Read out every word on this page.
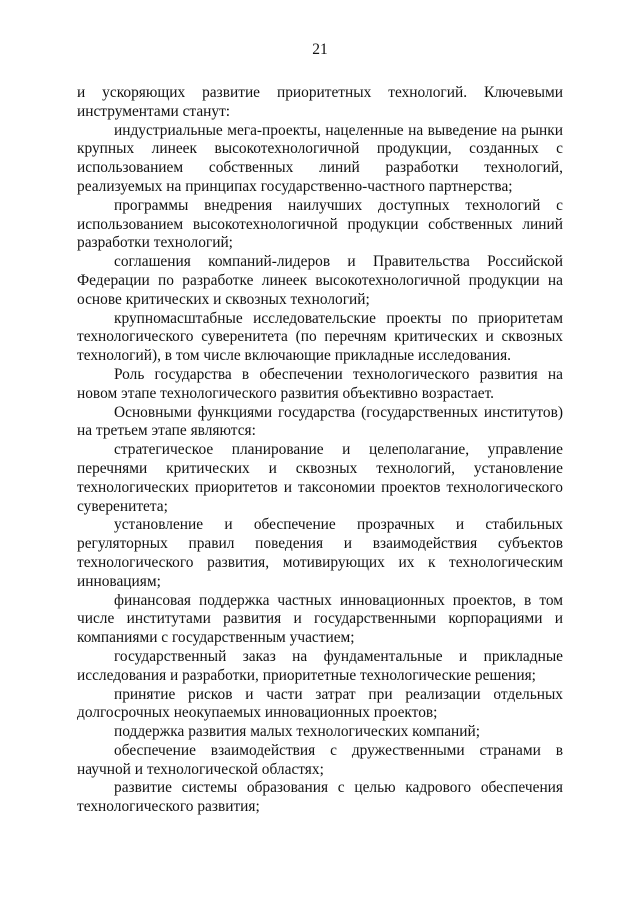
21

и ускоряющих развитие приоритетных технологий. Ключевыми инструментами станут:

индустриальные мега-проекты, нацеленные на выведение на рынки крупных линеек высокотехнологичной продукции, созданных с использованием собственных линий разработки технологий, реализуемых на принципах государственно-частного партнерства;

программы внедрения наилучших доступных технологий с использованием высокотехнологичной продукции собственных линий разработки технологий;

соглашения компаний-лидеров и Правительства Российской Федерации по разработке линеек высокотехнологичной продукции на основе критических и сквозных технологий;

крупномасштабные исследовательские проекты по приоритетам технологического суверенитета (по перечням критических и сквозных технологий), в том числе включающие прикладные исследования.

Роль государства в обеспечении технологического развития на новом этапе технологического развития объективно возрастает.

Основными функциями государства (государственных институтов) на третьем этапе являются:

стратегическое планирование и целеполагание, управление перечнями критических и сквозных технологий, установление технологических приоритетов и таксономии проектов технологического суверенитета;

установление и обеспечение прозрачных и стабильных регуляторных правил поведения и взаимодействия субъектов технологического развития, мотивирующих их к технологическим инновациям;

финансовая поддержка частных инновационных проектов, в том числе институтами развития и государственными корпорациями и компаниями с государственным участием;

государственный заказ на фундаментальные и прикладные исследования и разработки, приоритетные технологические решения;

принятие рисков и части затрат при реализации отдельных долгосрочных неокупаемых инновационных проектов;

поддержка развития малых технологических компаний;

обеспечение взаимодействия с дружественными странами в научной и технологической областях;

развитие системы образования с целью кадрового обеспечения технологического развития;
